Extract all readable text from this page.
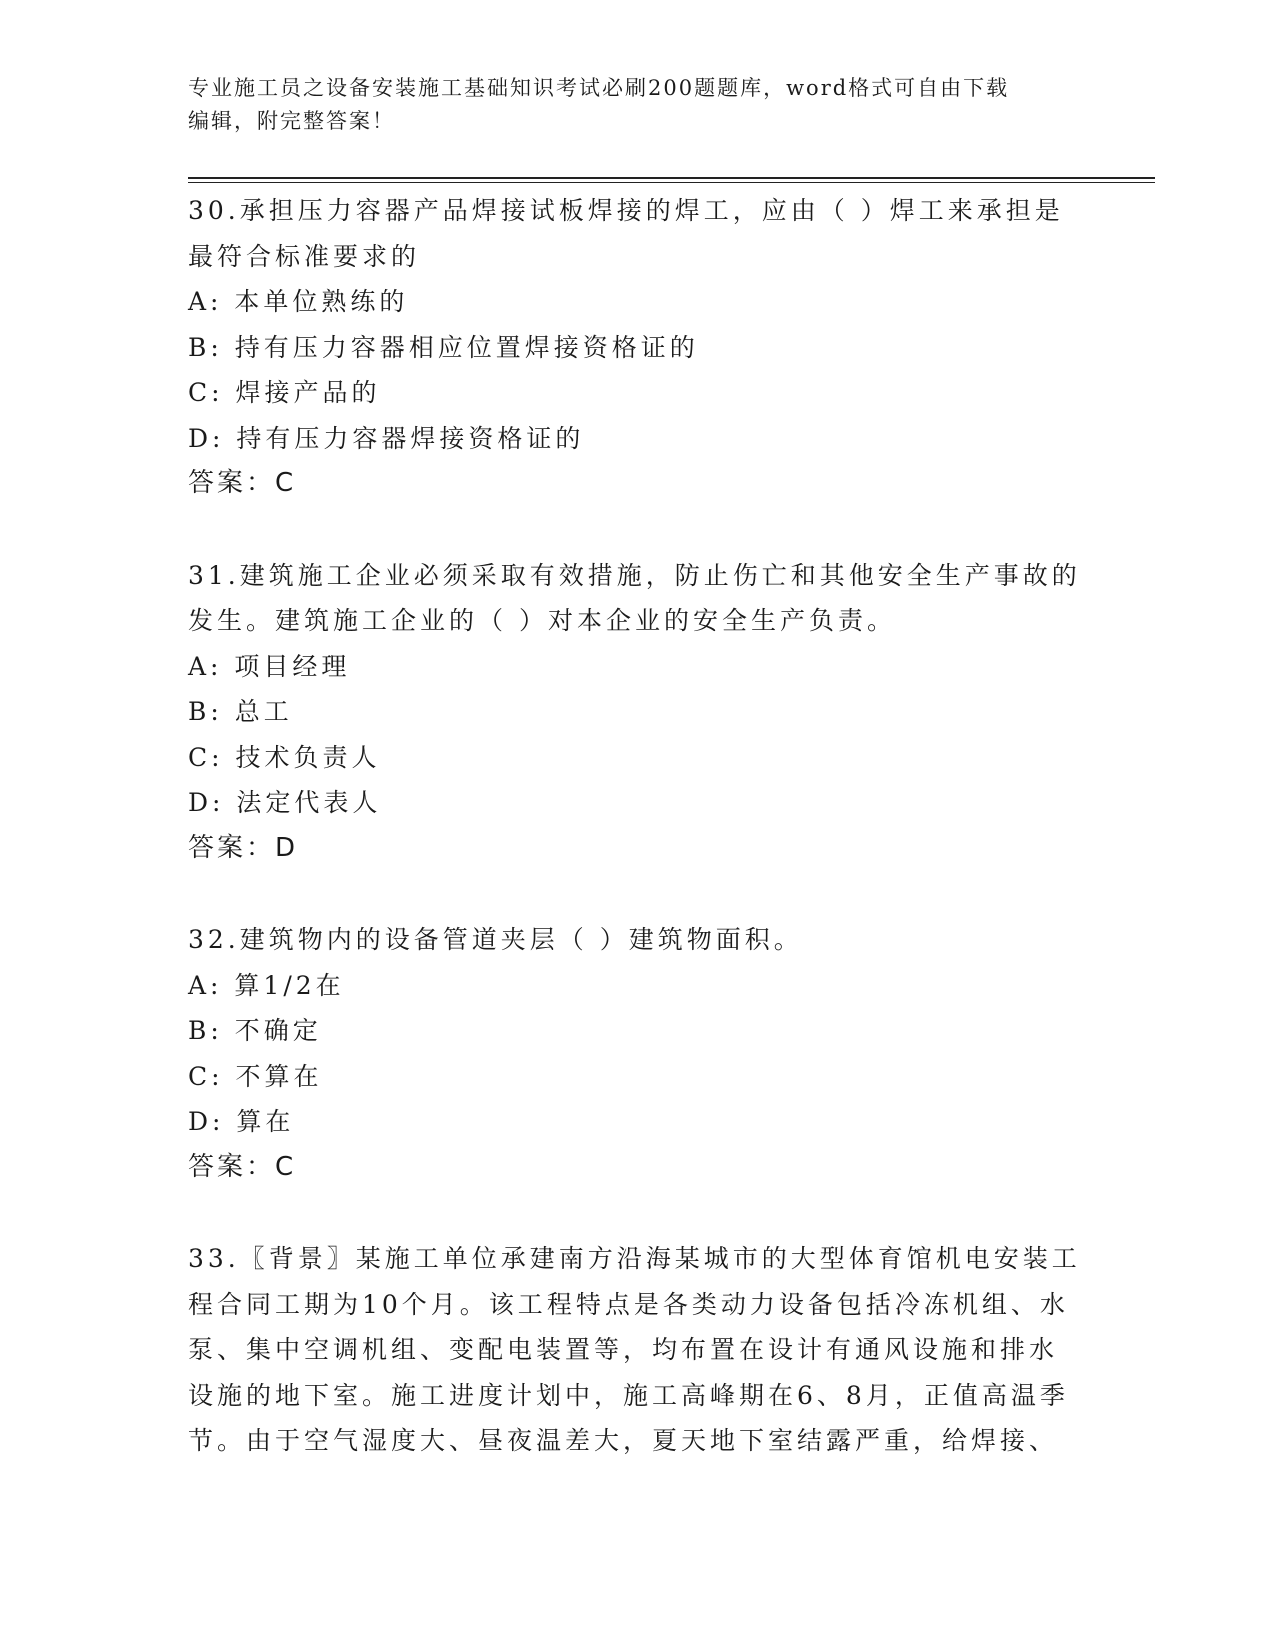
专业施工员之设备安装施工基础知识考试必刷200题题库，word格式可自由下载
编辑，附完整答案！
30.承担压力容器产品焊接试板焊接的焊工，应由（ ）焊工来承担是
最符合标准要求的
A: 本单位熟练的
B: 持有压力容器相应位置焊接资格证的
C: 焊接产品的
D: 持有压力容器焊接资格证的
答案：C
31.建筑施工企业必须采取有效措施，防止伤亡和其他安全生产事故的
发生。建筑施工企业的（ ）对本企业的安全生产负责。
A: 项目经理
B: 总工
C: 技术负责人
D: 法定代表人
答案：D
32.建筑物内的设备管道夹层（ ）建筑物面积。
A: 算1/2在
B: 不确定
C: 不算在
D: 算在
答案：C
33.〖背景〗某施工单位承建南方沿海某城市的大型体育馆机电安装工
程合同工期为10个月。该工程特点是各类动力设备包括冷冻机组、水
泵、集中空调机组、变配电装置等，均布置在设计有通风设施和排水
设施的地下室。施工进度计划中，施工高峰期在6、8月，正值高温季
节。由于空气湿度大、昼夜温差大，夏天地下室结露严重，给焊接、
